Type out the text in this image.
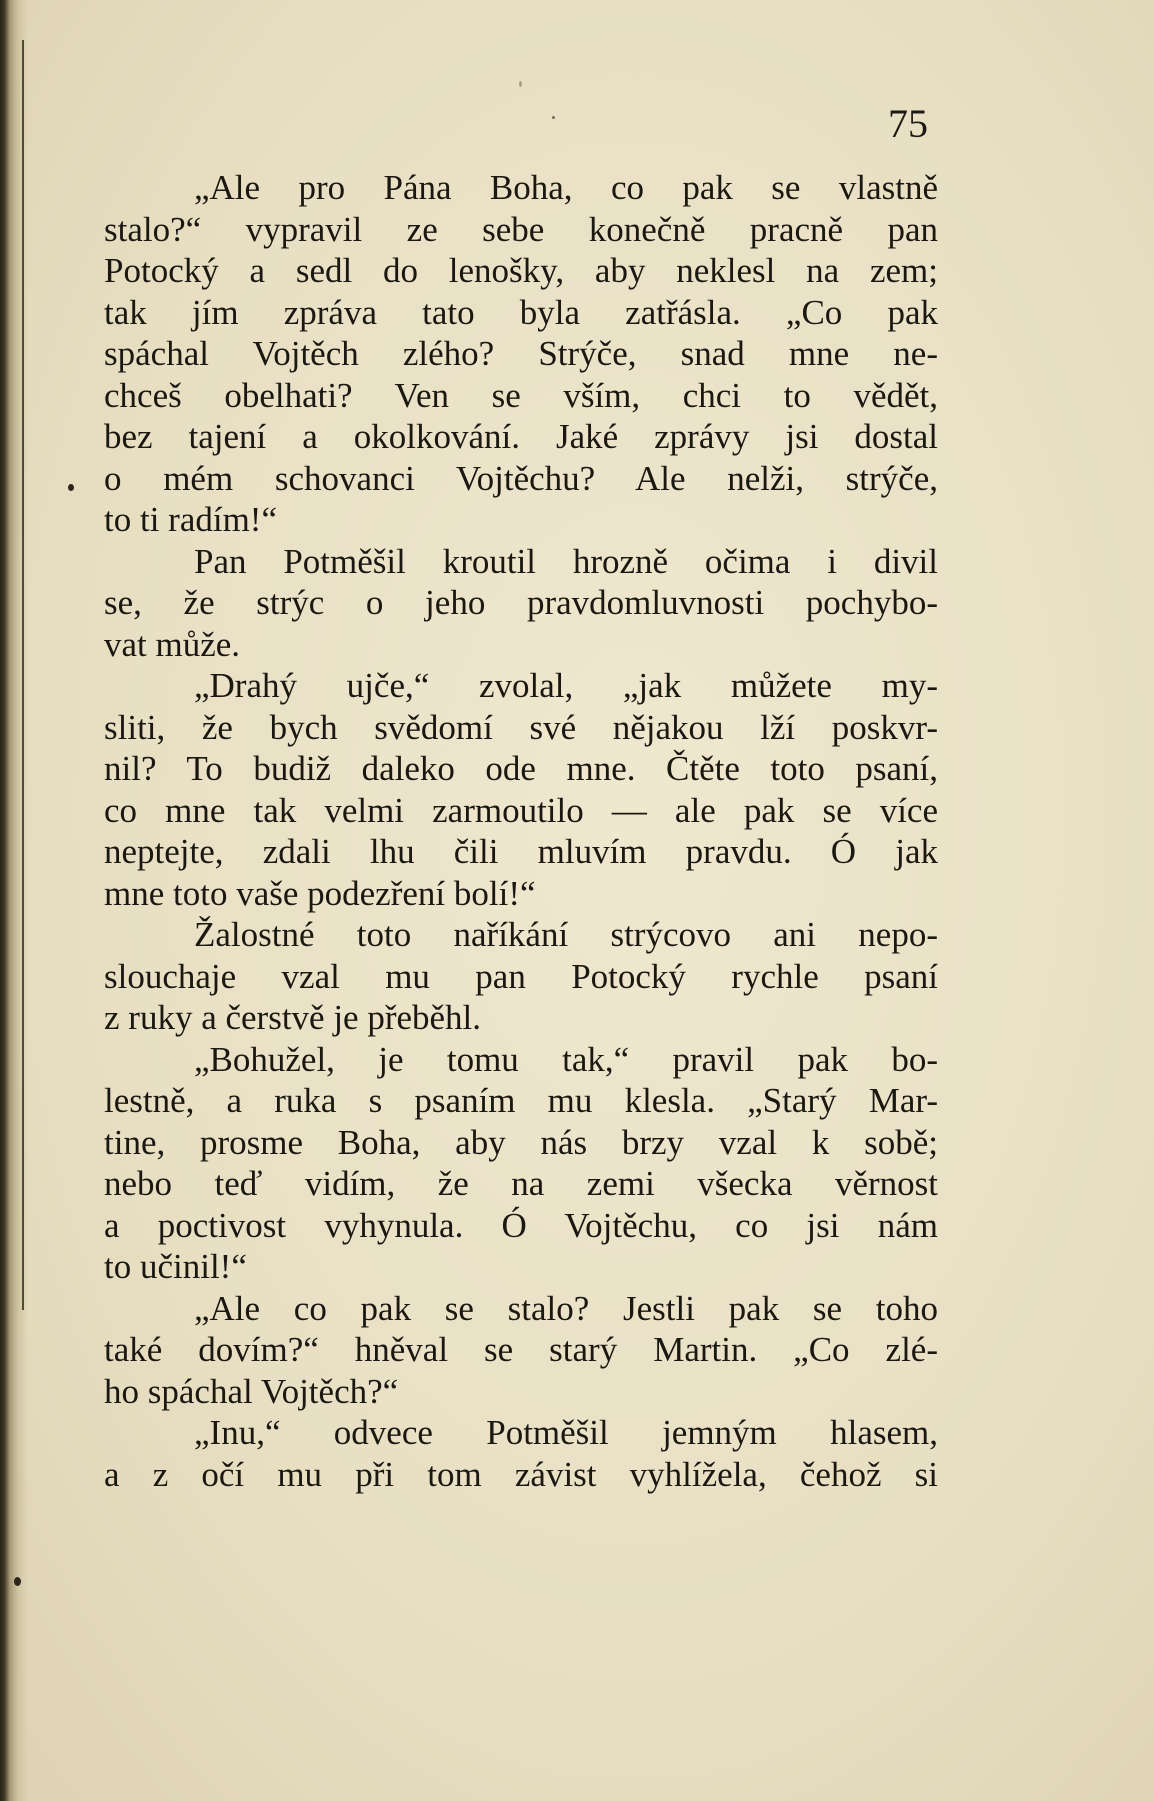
75
„Ale pro Pána Boha, co pak se vlastně
stalo?“ vypravil ze sebe konečně pracně pan
Potocký a sedl do lenošky, aby neklesl na zem;
tak jím zpráva tato byla zatřásla. „Co pak
spáchal Vojtěch zlého? Strýče, snad mne ne-
chceš obelhati? Ven se vším, chci to vědět,
bez tajení a okolkování. Jaké zprávy jsi dostal
o mém schovanci Vojtěchu? Ale nelži, strýče,
to ti radím!“
Pan Potměšil kroutil hrozně očima i divil
se, že strýc o jeho pravdomluvnosti pochybo-
vat může.
„Drahý ujče,“ zvolal, „jak můžete my-
sliti, že bych svědomí své nějakou lží poskvr-
nil? To budiž daleko ode mne. Čtěte toto psaní,
co mne tak velmi zarmoutilo — ale pak se více
neptejte, zdali lhu čili mluvím pravdu. Ó jak
mne toto vaše podezření bolí!“
Žalostné toto naříkání strýcovo ani nepo-
slouchaje vzal mu pan Potocký rychle psaní
z ruky a čerstvě je přeběhl.
„Bohužel, je tomu tak,“ pravil pak bo-
lestně, a ruka s psaním mu klesla. „Starý Mar-
tine, prosme Boha, aby nás brzy vzal k sobě;
nebo teď vidím, že na zemi všecka věrnost
a poctivost vyhynula. Ó Vojtěchu, co jsi nám
to učinil!“
„Ale co pak se stalo? Jestli pak se toho
také dovím?“ hněval se starý Martin. „Co zlé-
ho spáchal Vojtěch?“
„Inu,“ odvece Potměšil jemným hlasem,
a z očí mu při tom závist vyhlížela, čehož si
